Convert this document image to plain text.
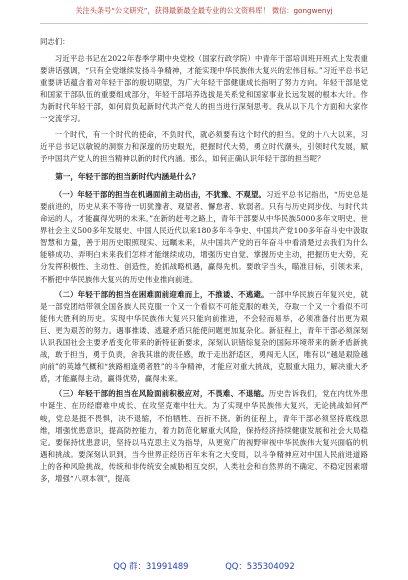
关注头条号“公文研究”，获得最新最全最专业的公文资料库！ 微信：gongwenyj

同志们：

习近平总书记在2022年春季学期中央党校（国家行政学院）中青年干部培训班开班式上发表重要讲话强调，“只有全党继续发扬斗争精神，才能实现中华民族伟大复兴的宏伟目标。”习近平总书记重要讲话蕴含着对年轻干部的殷切期望，为广大年轻干部健康成长指明了努力方向。年轻干部是党和国家干部队伍的重要组成部分，年轻干部培养选拔是关系党和国家事业长远发展的根本大计。作为新时代年轻干部，如何肩负起新时代共产党人的担当进行深刻思考。我从以下几个方面和大家作一交流学习。

一个时代，有一个时代的使命，不负时代，就必须要有这个时代的担当。党的十八大以来，习近平总书记以敏锐的洞察力和深邃的历史眼光，把握时代大势，勇立时代潮头，引领时代发展，赋予中国共产党人的担当精神以新的时代内涵。那么，如何正确认识年轻干部的担当呢？

第一，年轻干部的担当新时代内涵是什么？

（一）年轻干部的担当在机遇面前主动出击，不犹豫、不观望。习近平总书记指出，“历史总是要前进的，历史从来不等待一切犹豫者、观望者、懈怠者、软弱者。只有与历史同步伐、与时代共命运的人，才能赢得光明的未来。”在新的赶考之路上，青年干部要从中华民族5000多年文明史、世界社会主义500多年发展史、中国人民近代以来180多年斗争史、中国共产党100多年奋斗史中汲取智慧和力量，善于用历史眼照现实、远瞩未来，从中国共产党的百年奋斗中看清楚过去我们为什么能够成功、弄明白未来我们怎样才能继续成功，增强历史自觉、掌握历史主动，把握历史大势，充分发挥积极性、主动性、创造性，抢抓战略机遇，赢得先机。要敢字当头，瞄准目标，引领未来，不断把中华民族伟大复兴的历史伟业推向前进。

（二）年轻干部的担当在困难面前迎难而上，不推诿、不逃避。一部中华民族百年复兴史，就是一部党团结带领全国各族人民克服一个又一个看似不可能克服的难关，夺取一个又一个看似不可能伟大胜利的历史。实现中华民族伟大复兴只能向前推进，不会轻而易举，必须准备付出更为艰巨、更为艰苦的努力。遇事推诿、逃避矛盾只能使问题更加复杂化。新征程上，青年干部必须深刻认识我国社会主要矛盾变化带来的新特征新要求，深刻认识错综复杂的国际环境带来的新矛盾新挑战，敢于担当，勇于负责，舍我其谁的责任感，敢于走出舒适区，勇闯无人区，唯有以“越是艰险越向前”的英雄气概和“狭路相逢勇者胜”的斗争精神，才能应对重大挑战，克服重大阻力，解决重大矛盾，才能赢得主动，赢得优势，赢得未来。

（三）年轻干部的担当在风险面前积极应对，不畏难、不退缩。历史告诉我们，党在内忧外患中诞生、在历经磨难中成长、在攻坚克难中壮大。为了实现中华民族伟大复兴，无论挑战如何严峻，党总是挺不畏惧，决不退缩，不怕牺牲、百折不挠。新的征程上，青年干部必须坚持底线思维，增强忧患意识，提高防控能力，着力防范化解重大风险，保持经济持续健康发展和社会大局稳定。要保持忧患意识，坚持以马克思主义为指导，从更宽广的视野审视中华民族伟大复兴面临的机遇和挑战。要深刻认识到，当今世界正经历百年未有之大变局，以斗争精神应对中国人民前进道路上的各种风险挑战，传统和非传统安全威胁相互交织，人类社会和自然界的不确定、不稳定因素增多，增强“八项本领”，提高

QQ 群：31991489	QQ：535304092
